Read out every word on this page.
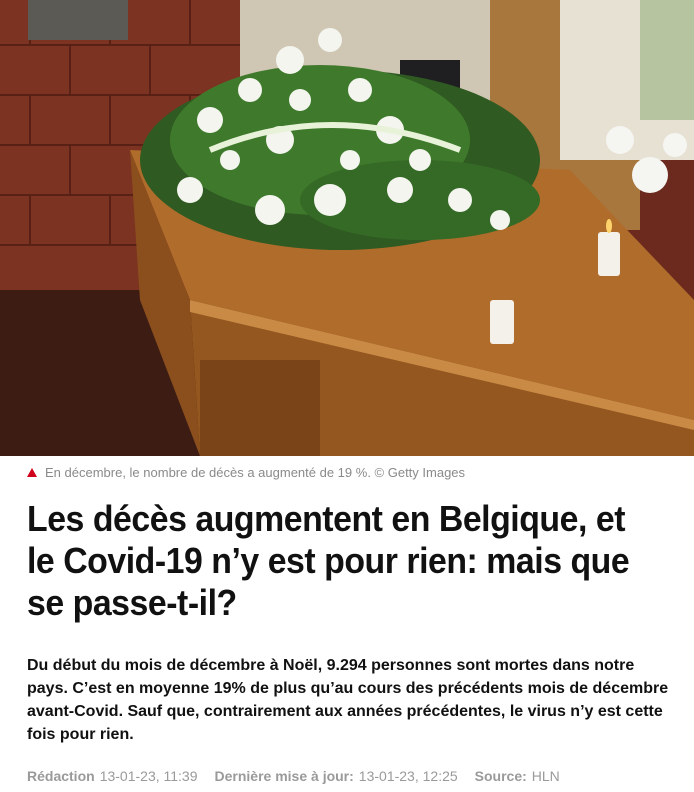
En décembre, le nombre de décès a augmenté de 19 %. © Getty Images
Les décès augmentent en Belgique, et le Covid-19 n’y est pour rien: mais que se passe-t-il?

Du début du mois de décembre à Noël, 9.294 personnes sont mortes dans notre pays. C’est en moyenne 19% de plus qu’au cours des précédents mois de décembre avant-Covid. Sauf que, contrairement aux années précédentes, le virus n’y est cette fois pour rien.

Rédaction 13-01-23, 11:39 Dernière mise à jour: 13-01-23, 12:25 Source: HLN
